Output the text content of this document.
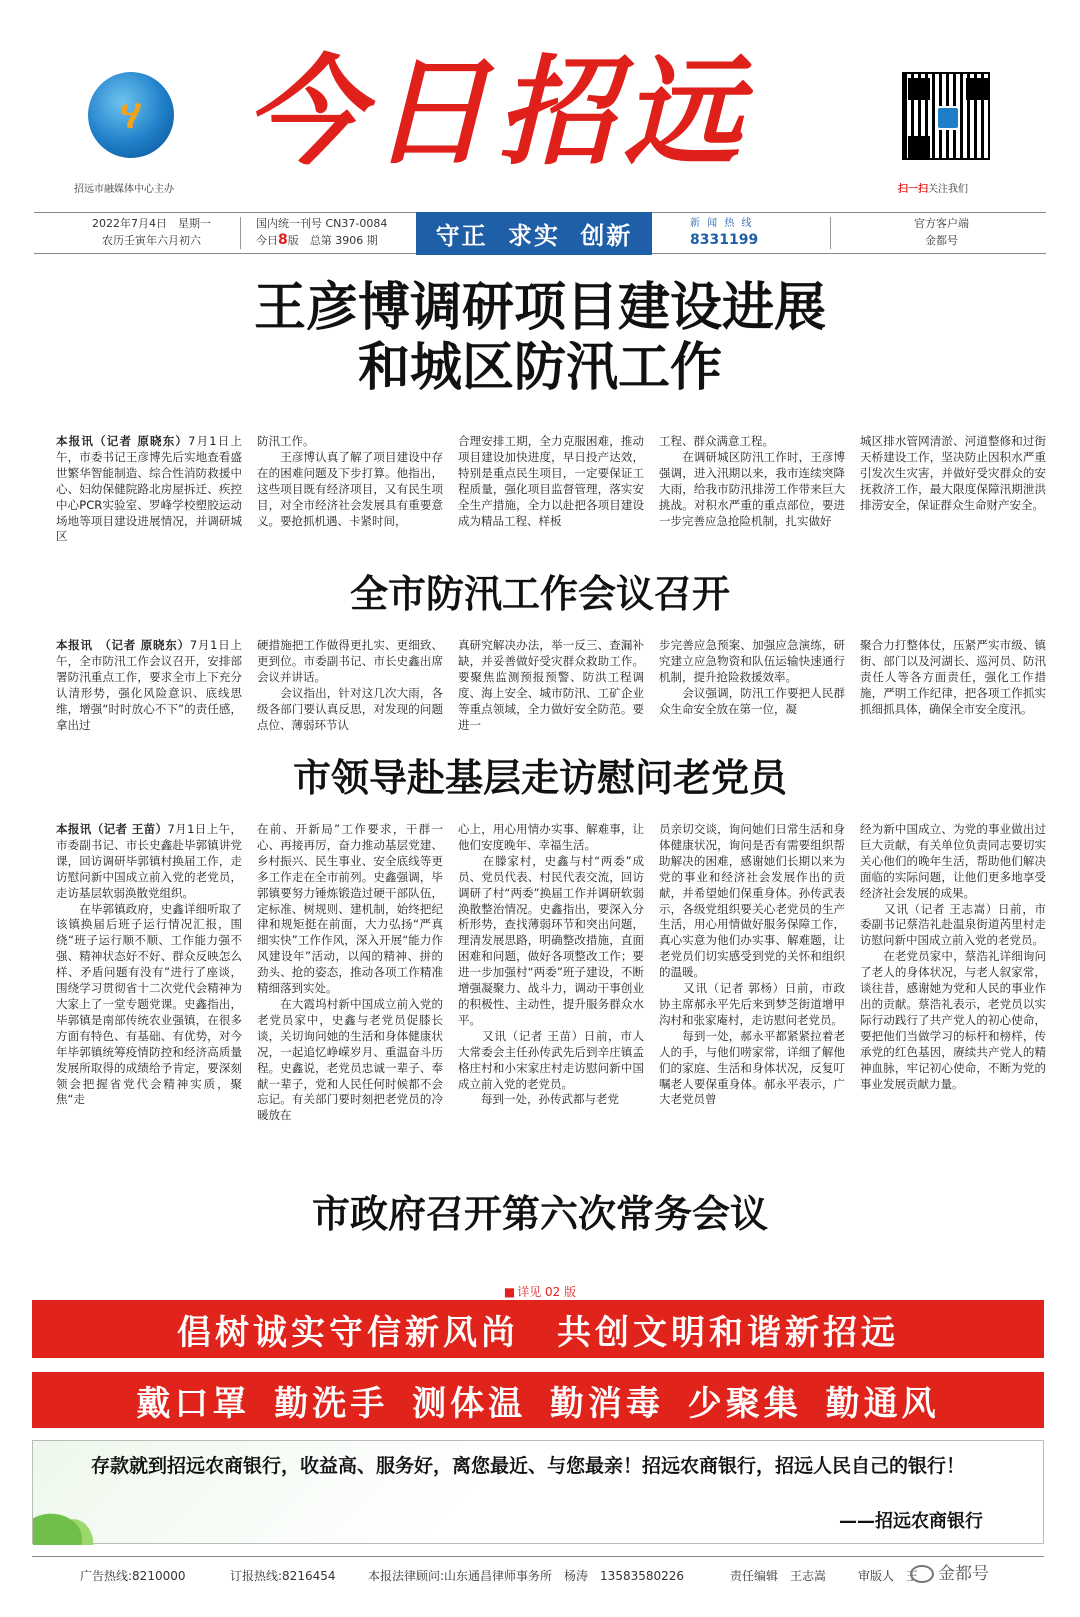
ሃ
招远市融媒体中心主办
今日招远
扫一扫关注我们
2022年7月4日　星期一
农历壬寅年六月初六
国内统一刊号 CN37-0084
今日8版　总第 3906 期	守正 求实 创新	新 闻 热 线
8331199
官方客户端
金都号
王彦博调研项目建设进展
和城区防汛工作
本报讯（记者 原晓东）7月1日上午，市委书记王彦博先后实地查看盛世繁华智能制造、综合性消防救援中心、妇幼保健院路北房屋拆迁、疾控中心PCR实验室、罗峰学校塑胶运动场地等项目建设进展情况，并调研城区
防汛工作。
　　王彦博认真了解了项目建设中存在的困难问题及下步打算。他指出，这些项目既有经济项目，又有民生项目，对全市经济社会发展具有重要意义。要抢抓机遇、卡紧时间，
合理安排工期，全力克服困难，推动项目建设加快进度，早日投产达效，特别是重点民生项目，一定要保证工程质量，强化项目监督管理，落实安全生产措施，全力以赴把各项目建设成为精品工程、样板
工程、群众满意工程。
　　在调研城区防汛工作时，王彦博强调，进入汛期以来，我市连续突降大雨，给我市防汛排涝工作带来巨大挑战。对积水严重的重点部位，要进一步完善应急抢险机制，扎实做好
城区排水管网清淤、河道整修和过街天桥建设工作，坚决防止因积水严重引发次生灾害，并做好受灾群众的安抚救济工作，最大限度保障汛期泄洪排涝安全，保证群众生命财产安全。
全市防汛工作会议召开
本报讯　（记者 原晓东）7月1日上午，全市防汛工作会议召开，安排部署防汛重点工作，要求全市上下充分认清形势，强化风险意识、底线思维，增强“时时放心不下”的责任感，拿出过
硬措施把工作做得更扎实、更细致、更到位。市委副书记、市长史鑫出席会议并讲话。
　　会议指出，针对这几次大雨，各级各部门要认真反思，对发现的问题点位、薄弱环节认
真研究解决办法，举一反三、查漏补缺，并妥善做好受灾群众救助工作。要聚焦监测预报预警、防洪工程调度、海上安全、城市防汛、工矿企业等重点领域，全力做好安全防范。要进一
步完善应急预案、加强应急演练，研究建立应急物资和队伍运输快速通行机制，提升抢险救援效率。
　　会议强调，防汛工作要把人民群众生命安全放在第一位，凝
聚合力打整体仗，压紧严实市级、镇街、部门以及河湖长、巡河员、防汛责任人等各方面责任，强化工作措施，严明工作纪律，把各项工作抓实抓细抓具体，确保全市安全度汛。
市领导赴基层走访慰问老党员
本报讯（记者 王苗）7月1日上午，市委副书记、市长史鑫赴毕郭镇讲党课，回访调研毕郭镇村换届工作，走访慰问新中国成立前入党的老党员，走访基层软弱涣散党组织。
　　在毕郭镇政府，史鑫详细听取了该镇换届后班子运行情况汇报，围绕“班子运行顺不顺、工作能力强不强、精神状态好不好、群众反映怎么样、矛盾问题有没有”进行了座谈，围绕学习贯彻省十二次党代会精神为大家上了一堂专题党课。史鑫指出，毕郭镇是南部传统农业强镇，在很多方面有特色、有基础、有优势，对今年毕郭镇统筹疫情防控和经济高质量发展所取得的成绩给予肯定，要深刻领会把握省党代会精神实质，聚焦“走
在前、开新局”工作要求，干群一心、再接再厉，奋力推动基层党建、乡村振兴、民生事业、安全底线等更多工作走在全市前列。史鑫强调，毕郭镇要努力锤炼锻造过硬干部队伍，定标准、树规则、建机制，始终把纪律和规矩挺在前面，大力弘扬“严真细实快”工作作风，深入开展“能力作风建设年”活动，以闯的精神、拼的劲头、抢的姿态，推动各项工作精准精细落到实处。
　　在大霞坞村新中国成立前入党的老党员家中，史鑫与老党员促膝长谈，关切询问她的生活和身体健康状况，一起追忆峥嵘岁月、重温奋斗历程。史鑫说，老党员忠诚一辈子、奉献一辈子，党和人民任何时候都不会忘记。有关部门要时刻把老党员的冷暖放在
心上，用心用情办实事、解难事，让他们安度晚年、幸福生活。
　　在滕家村，史鑫与村“两委”成员、党员代表、村民代表交流，回访调研了村“两委”换届工作并调研软弱涣散整治情况。史鑫指出，要深入分析形势，查找薄弱环节和突出问题，理清发展思路，明确整改措施，直面困难和问题，做好各项整改工作；要进一步加强村“两委”班子建设，不断增强凝聚力、战斗力，调动干事创业的积极性、主动性，提升服务群众水平。
　　又讯（记者 王苗）日前，市人大常委会主任孙传武先后到辛庄镇孟格庄村和小宋家庄村走访慰问新中国成立前入党的老党员。
　　每到一处，孙传武都与老党
员亲切交谈，询问她们日常生活和身体健康状况，询问是否有需要组织帮助解决的困难，感谢她们长期以来为党的事业和经济社会发展作出的贡献，并希望她们保重身体。孙传武表示，各级党组织要关心老党员的生产生活，用心用情做好服务保障工作，真心实意为他们办实事、解难题，让老党员们切实感受到党的关怀和组织的温暖。
　　又讯（记者 郭杨）日前，市政协主席郝永平先后来到梦芝街道增甲沟村和张家庵村，走访慰问老党员。
　　每到一处，郝永平都紧紧拉着老人的手，与他们唠家常，详细了解他们的家庭、生活和身体状况，反复叮嘱老人要保重身体。郝永平表示，广大老党员曾
经为新中国成立、为党的事业做出过巨大贡献，有关单位负责同志要切实关心他们的晚年生活，帮助他们解决面临的实际问题，让他们更多地享受经济社会发展的成果。
　　又讯（记者 王志嵩）日前，市委副书记蔡浩礼赴温泉街道芮里村走访慰问新中国成立前入党的老党员。
　　在老党员家中，蔡浩礼详细询问了老人的身体状况，与老人叙家常，谈往昔，感谢她为党和人民的事业作出的贡献。蔡浩礼表示，老党员以实际行动践行了共产党人的初心使命，要把他们当做学习的标杆和榜样，传承党的红色基因，赓续共产党人的精神血脉，牢记初心使命，不断为党的事业发展贡献力量。
市政府召开第六次常务会议
■ 详见 02 版
倡树诚实守信新风尚　共创文明和谐新招远
戴口罩 勤洗手 测体温 勤消毒 少聚集 勤通风
存款就到招远农商银行，收益高、服务好，离您最近、与您最亲！招远农商银行，招远人民自己的银行！
——招远农商银行
广告热线:8210000	订报热线:8216454	本报法律顾问:山东通昌律师事务所　杨涛　13583580226	责任编辑　王志嵩	审版人　王	金都号
